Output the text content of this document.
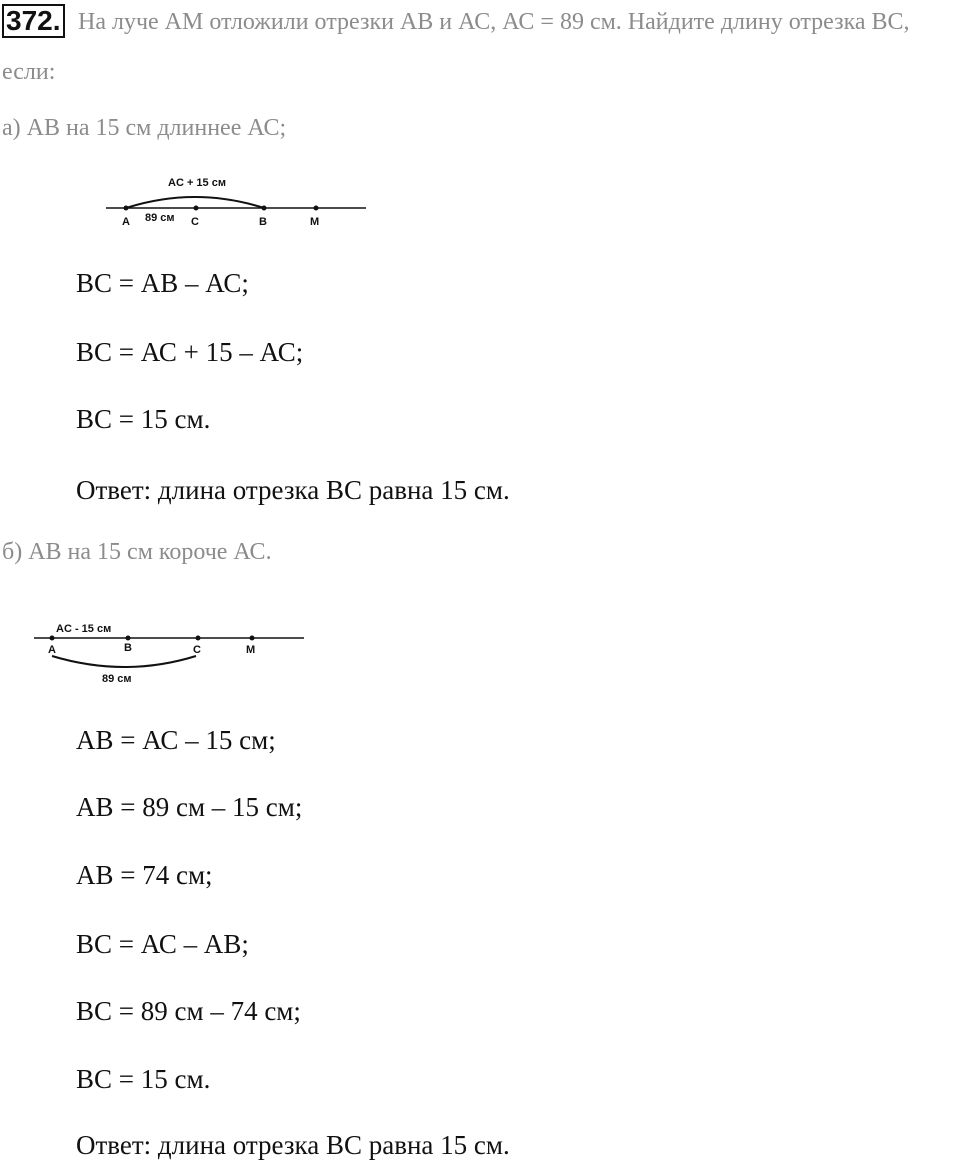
372. На луче АМ отложили отрезки АВ и АС, АС = 89 см. Найдите длину отрезка ВС,
если:
а) АВ на 15 см длиннее АС;
AC + 15 см
A 89 см C	B	M
ВС = АВ – АС;
ВС = АС + 15 – АС;
ВС = 15 см.
Ответ: длина отрезка ВС равна 15 см.
б) АВ на 15 см короче АС.
AC - 15 см
A	B	C	M
89 см
АВ = АС – 15 см;
АВ = 89 см – 15 см;
АВ = 74 см;
ВС = АС – АВ;
ВС = 89 см – 74 см;
ВС = 15 см.
Ответ: длина отрезка ВС равна 15 см.
